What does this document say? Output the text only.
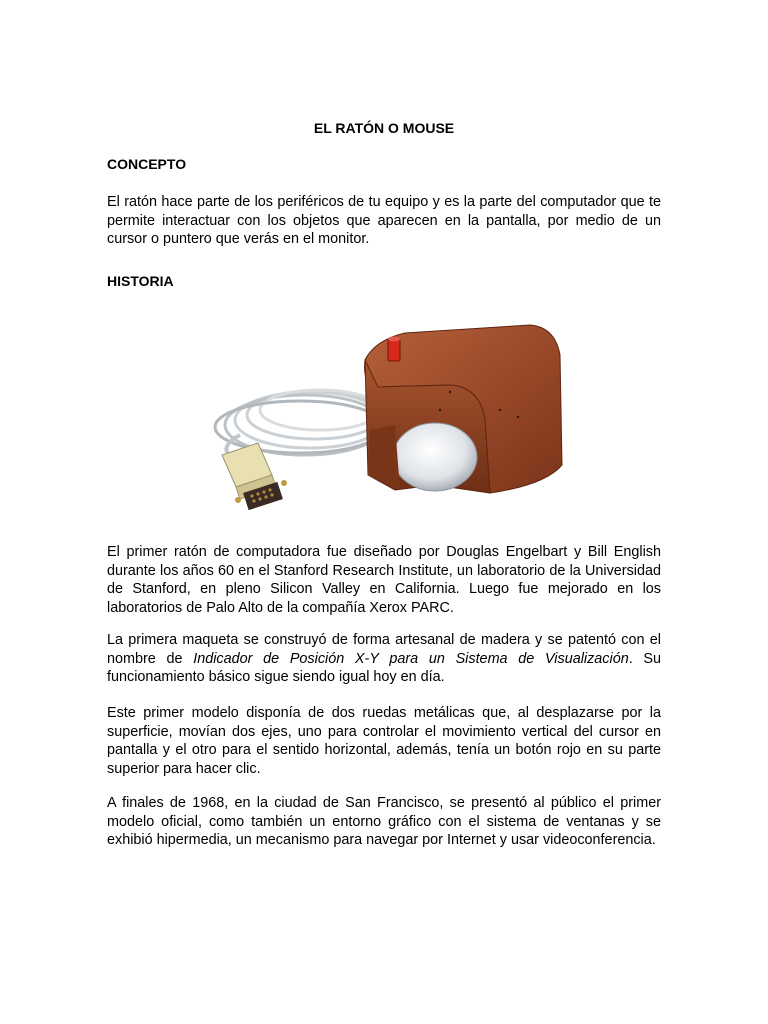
EL RATÓN O MOUSE
CONCEPTO

El ratón hace parte de los periféricos de tu equipo y es la parte del computador que te permite interactuar con los objetos que aparecen en la pantalla, por medio de un cursor o puntero que verás en el monitor.

HISTORIA

El primer ratón de computadora fue diseñado por Douglas Engelbart y Bill English durante los años 60 en el Stanford Research Institute, un laboratorio de la Universidad de Stanford, en pleno Silicon Valley en California. Luego fue mejorado en los laboratorios de Palo Alto de la compañía Xerox PARC.

La primera maqueta se construyó de forma artesanal de madera y se patentó con el nombre de Indicador de Posición X-Y para un Sistema de Visualización. Su funcionamiento básico sigue siendo igual hoy en día.

Este primer modelo disponía de dos ruedas metálicas que, al desplazarse por la superficie, movían dos ejes, uno para controlar el movimiento vertical del cursor en pantalla y el otro para el sentido horizontal, además, tenía un botón rojo en su parte superior para hacer clic.

A finales de 1968, en la ciudad de San Francisco, se presentó al público el primer modelo oficial, como también un entorno gráfico con el sistema de ventanas y se exhibió hipermedia, un mecanismo para navegar por Internet y usar videoconferencia.
